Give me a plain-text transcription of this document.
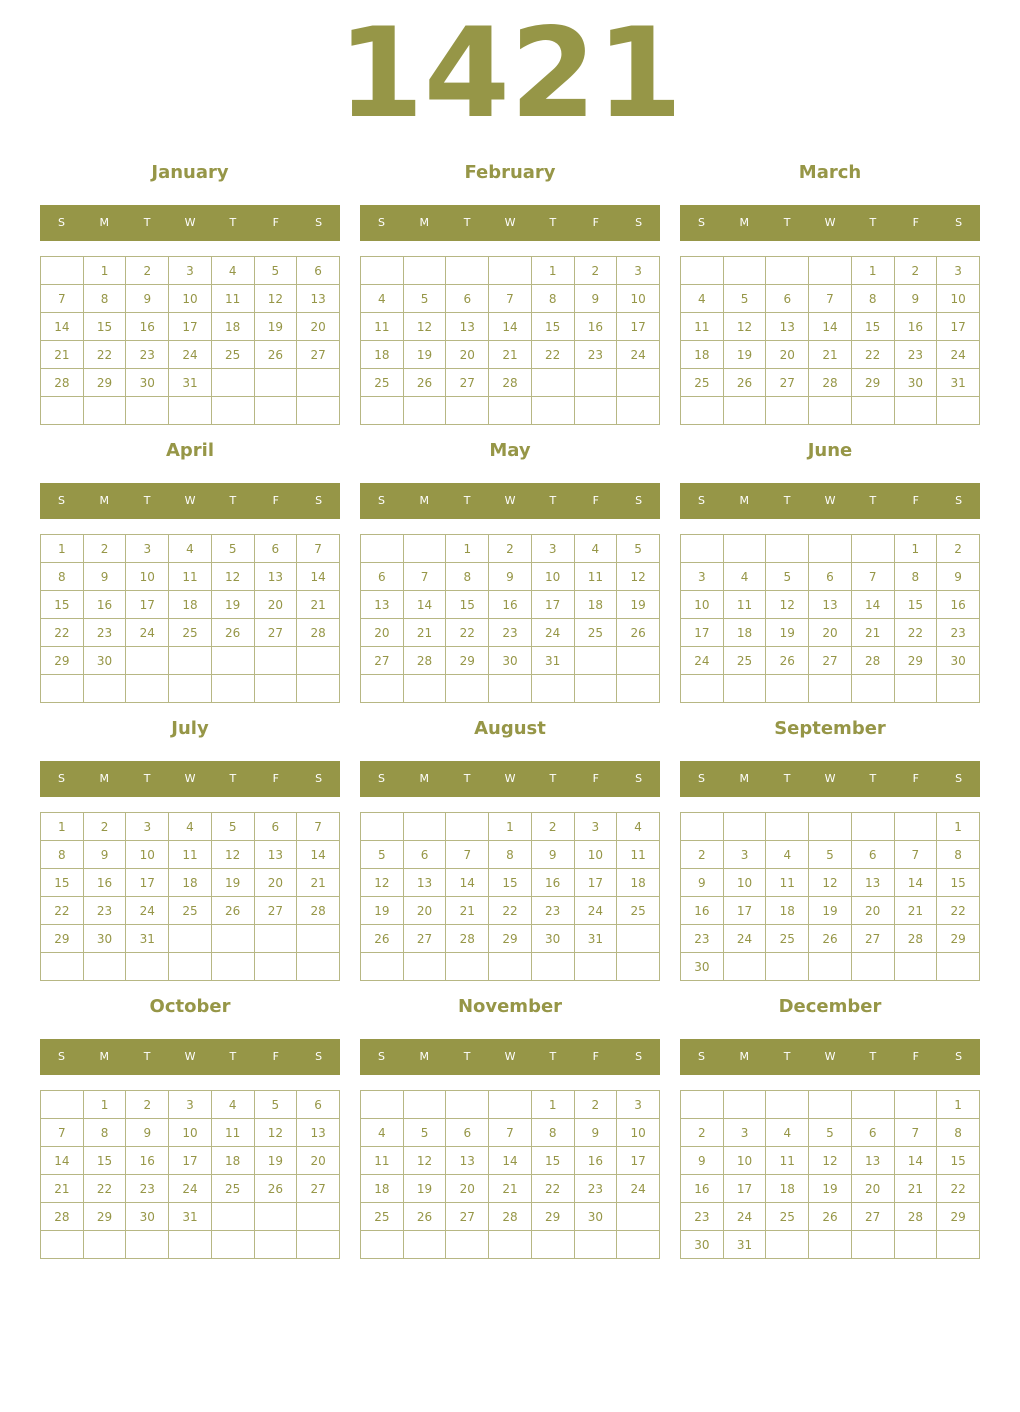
1421
January
S	M	T	W	T	F	S
	1	2	3	4	5	6
7	8	9	10	11	12	13
14	15	16	17	18	19	20
21	22	23	24	25	26	27
28	29	30	31			

February
S	M	T	W	T	F	S
				1	2	3
4	5	6	7	8	9	10
11	12	13	14	15	16	17
18	19	20	21	22	23	24
25	26	27	28			

March
S	M	T	W	T	F	S
				1	2	3
4	5	6	7	8	9	10
11	12	13	14	15	16	17
18	19	20	21	22	23	24
25	26	27	28	29	30	31

April
S	M	T	W	T	F	S
1	2	3	4	5	6	7
8	9	10	11	12	13	14
15	16	17	18	19	20	21
22	23	24	25	26	27	28
29	30					

May
S	M	T	W	T	F	S
		1	2	3	4	5
6	7	8	9	10	11	12
13	14	15	16	17	18	19
20	21	22	23	24	25	26
27	28	29	30	31		

June
S	M	T	W	T	F	S
					1	2
3	4	5	6	7	8	9
10	11	12	13	14	15	16
17	18	19	20	21	22	23
24	25	26	27	28	29	30

July
S	M	T	W	T	F	S
1	2	3	4	5	6	7
8	9	10	11	12	13	14
15	16	17	18	19	20	21
22	23	24	25	26	27	28
29	30	31				

August
S	M	T	W	T	F	S
			1	2	3	4
5	6	7	8	9	10	11
12	13	14	15	16	17	18
19	20	21	22	23	24	25
26	27	28	29	30	31	

September
S	M	T	W	T	F	S
						1
2	3	4	5	6	7	8
9	10	11	12	13	14	15
16	17	18	19	20	21	22
23	24	25	26	27	28	29
30						
October
S	M	T	W	T	F	S
	1	2	3	4	5	6
7	8	9	10	11	12	13
14	15	16	17	18	19	20
21	22	23	24	25	26	27
28	29	30	31			

November
S	M	T	W	T	F	S
				1	2	3
4	5	6	7	8	9	10
11	12	13	14	15	16	17
18	19	20	21	22	23	24
25	26	27	28	29	30	

December
S	M	T	W	T	F	S
						1
2	3	4	5	6	7	8
9	10	11	12	13	14	15
16	17	18	19	20	21	22
23	24	25	26	27	28	29
30	31					
